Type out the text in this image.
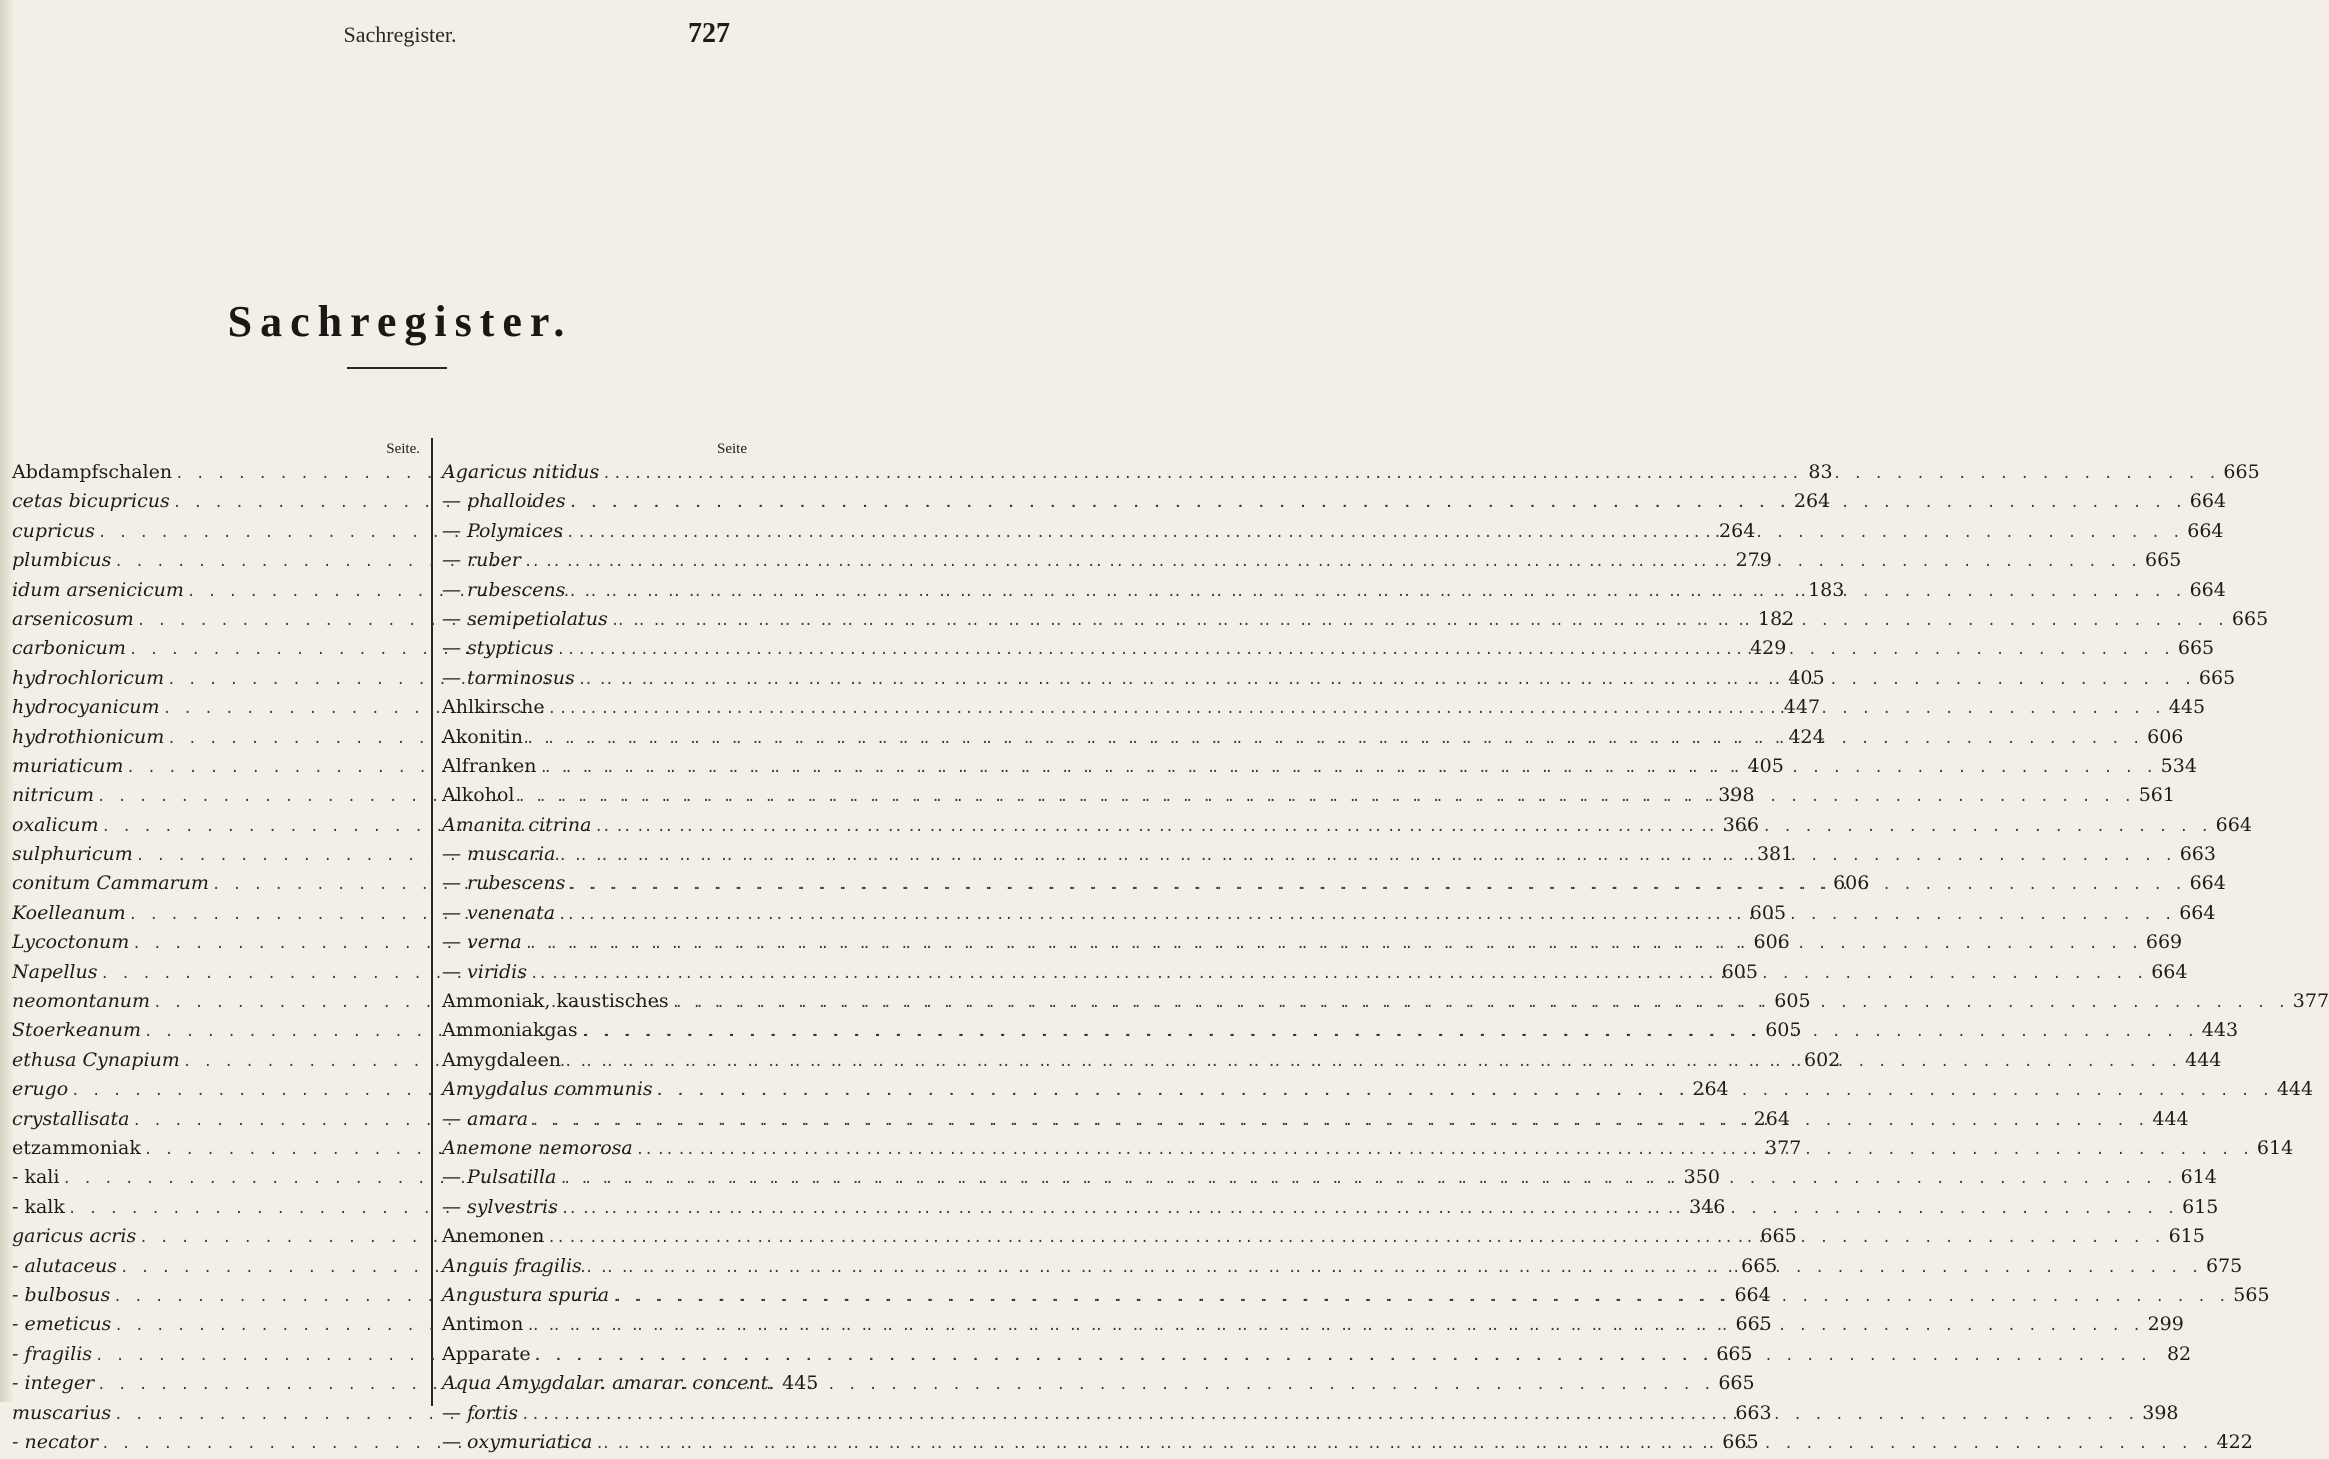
Sachregister.	727
Sachregister.
Seite.
Abdampfschalen . . .	83
cetas bicupricus . . .	264
cupricus . . .	264
plumbicus . . .	279
idum arsenicicum . . .	183
arsenicosum . . .	182
carbonicum . . .	429
hydrochloricum . . .	405
hydrocyanicum . . .	447
hydrothionicum . . .	424
muriaticum . . .	405
nitricum . . .	398
oxalicum . . .	366
sulphuricum . . .	381
conitum Cammarum . . .	606
Koelleanum . . .	605
Lycoctonum . . .	606
Napellus . . .	605
neomontanum . . .	605
Stoerkeanum . . .	605
ethusa Cynapium . . .	602
erugo . . .	264
crystallisata . . .	264
etzammoniak . . .	377
- kali . . .	350
- kalk . . .	346
garicus acris . . .	665
- alutaceus . . .	665
- bulbosus . . .	664
- emeticus . . .	665
- fragilis . . .	665
- integer . . .	665
muscarius . . .	663
- necator . . .	665
Seite
Agaricus nitidus . . .	665
— phalloides . . .	664
— Polymices . . .	664
— ruber . . .	665
— rubescens . . .	664
— semipetiolatus . . .	665
— stypticus . . .	665
— torminosus . . .	665
Ahlkirsche . . .	445
Akonitin . . .	606
Alfranken . . .	534
Alkohol . . .	561
Amanita citrina . . .	664
— muscaria . . .	663
— rubescens . . .	664
— venenata . . .	664
— verna . . .	669
— viridis . . .	664
Ammoniak, kaustisches . . .	377
Ammoniakgas . . .	443
Amygdaleen . . .	444
Amygdalus communis . . .	444
— amara . . .	444
Anemone nemorosa . . .	614
— Pulsatilla . . .	614
— sylvestris . . .	615
Anemonen . . .	615
Anguis fragilis . . .	675
Angustura spuria . . .	565
Antimon . . .	299
Apparate . . .	82
Aqua Amygdalar. amarar. concent. 445
— fortis . . .	398
— oxymuriatica . . .	422
